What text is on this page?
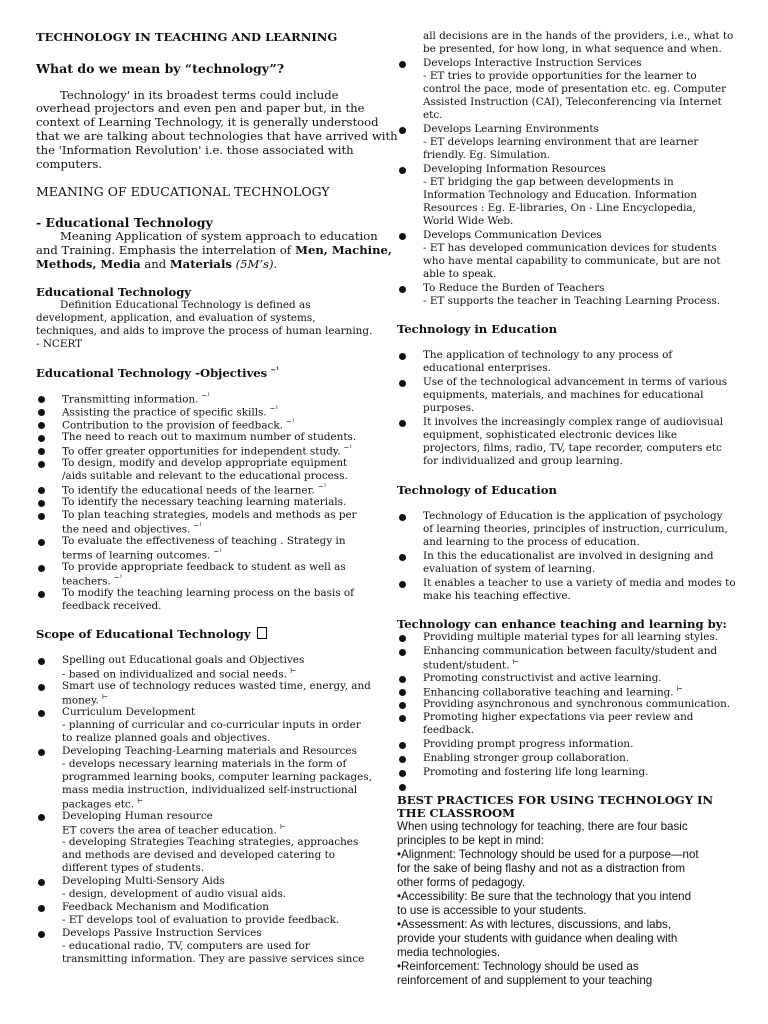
TECHNOLOGY IN TEACHING AND LEARNING
What do we mean by “technology”?
Technology' in its broadest terms could include
overhead projectors and even pen and paper but, in the
context of Learning Technology, it is generally understood
that we are talking about technologies that have arrived with
the 'Information Revolution' i.e. those associated with
computers.
MEANING OF EDUCATIONAL TECHNOLOGY
- Educational Technology
Meaning Application of system approach to education
and Training. Emphasis the interrelation of Men, Machine,
Methods, Media and Materials (5M’s).
Educational Technology
Definition Educational Technology is defined as
development, application, and evaluation of systems,
techniques, and aids to improve the process of human learning.
- NCERT
Educational Technology -Objectives $^{\sim^1}$
Transmitting information. $^{\sim^1}$
Assisting the practice of specific skills. $^{\sim^1}$
Contribution to the provision of feedback. $^{\sim^1}$
The need to reach out to maximum number of students.
To offer greater opportunities for independent study. $^{\sim^1}$
To design, modify and develop appropriate equipment
/aids suitable and relevant to the educational process.
To identify the educational needs of the learner. $^{\sim^1}$
To identify the necessary teaching learning materials.
To plan teaching strategies, models and methods as per
the need and objectives. $^{\sim^1}$
To evaluate the effectiveness of teaching . Strategy in
terms of learning outcomes. $^{\sim^1}$
To provide appropriate feedback to student as well as
teachers. $^{\sim^1}$
To modify the teaching learning process on the basis of
feedback received.
Scope of Educational Technology
Spelling out Educational goals and Objectives
- based on individualized and social needs. ⊢
Smart use of technology reduces wasted time, energy, and
money. ⊢
Curriculum Development
- planning of curricular and co-curricular inputs in order
to realize planned goals and objectives.
Developing Teaching-Learning materials and Resources
- develops necessary learning materials in the form of
programmed learning books, computer learning packages,
mass media instruction, individualized self-instructional
packages etc. ⊢
Developing Human resource
ET covers the area of teacher education. ⊢
- developing Strategies Teaching strategies, approaches
and methods are devised and developed catering to
different types of students.
Developing Multi-Sensory Aids
- design, development of audio visual aids.
Feedback Mechanism and Modification
- ET develops tool of evaluation to provide feedback.
Develops Passive Instruction Services
- educational radio, TV, computers are used for
transmitting information. They are passive services since
all decisions are in the hands of the providers, i.e., what to
be presented, for how long, in what sequence and when.
Develops Interactive Instruction Services
- ET tries to provide opportunities for the learner to
control the pace, mode of presentation etc. eg. Computer
Assisted Instruction (CAI), Teleconferencing via Internet
etc.
Develops Learning Environments
- ET develops learning environment that are learner
friendly. Eg. Simulation.
Developing Information Resources
- ET bridging the gap between developments in
Information Technology and Education. Information
Resources : Eg. E-libraries, On - Line Encyclopedia,
World Wide Web.
Develops Communication Devices
- ET has developed communication devices for students
who have mental capability to communicate, but are not
able to speak.
To Reduce the Burden of Teachers
- ET supports the teacher in Teaching Learning Process.
Technology in Education
The application of technology to any process of
educational enterprises.
Use of the technological advancement in terms of various
equipments, materials, and machines for educational
purposes.
It involves the increasingly complex range of audiovisual
equipment, sophisticated electronic devices like
projectors, films, radio, TV, tape recorder, computers etc
for individualized and group learning.
Technology of Education
Technology of Education is the application of psychology
of learning theories, principles of instruction, curriculum,
and learning to the process of education.
In this the educationalist are involved in designing and
evaluation of system of learning.
It enables a teacher to use a variety of media and modes to
make his teaching effective.
Technology can enhance teaching and learning by:
Providing multiple material types for all learning styles.
Enhancing communication between faculty/student and
student/student. ⊢
Promoting constructivist and active learning.
Enhancing collaborative teaching and learning. ⊢
Providing asynchronous and synchronous communication.
Promoting higher expectations via peer review and
feedback.
Providing prompt progress information.
Enabling stronger group collaboration.
Promoting and fostering life long learning.
BEST PRACTICES FOR USING TECHNOLOGY IN
THE CLASSROOM
When using technology for teaching, there are four basic
principles to be kept in mind:
•Alignment: Technology should be used for a purpose—not
for the sake of being flashy and not as a distraction from
other forms of pedagogy.
•Accessibility: Be sure that the technology that you intend
to use is accessible to your students.
•Assessment: As with lectures, discussions, and labs,
provide your students with guidance when dealing with
media technologies.
•Reinforcement: Technology should be used as
reinforcement of and supplement to your teaching
